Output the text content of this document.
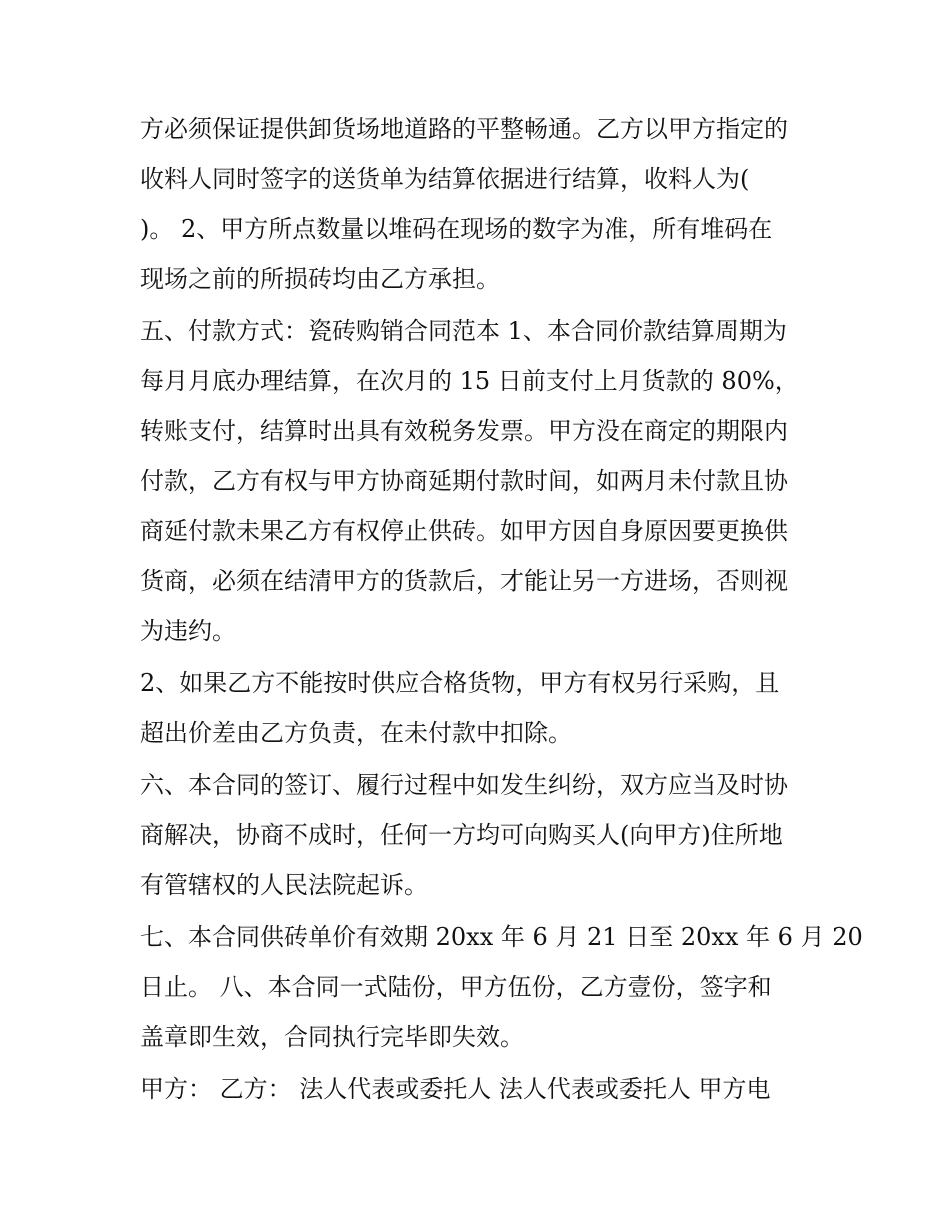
方必须保证提供卸货场地道路的平整畅通。乙方以甲方指定的
收料人同时签字的送货单为结算依据进行结算，收料人为(
)。 2、甲方所点数量以堆码在现场的数字为准，所有堆码在
现场之前的所损砖均由乙方承担。
五、付款方式：瓷砖购销合同范本 1、本合同价款结算周期为
每月月底办理结算，在次月的 15 日前支付上月货款的 80%，
转账支付，结算时出具有效税务发票。甲方没在商定的期限内
付款，乙方有权与甲方协商延期付款时间，如两月未付款且协
商延付款未果乙方有权停止供砖。如甲方因自身原因要更换供
货商，必须在结清甲方的货款后，才能让另一方进场，否则视
为违约。
2、如果乙方不能按时供应合格货物，甲方有权另行采购，且
超出价差由乙方负责，在未付款中扣除。
六、本合同的签订、履行过程中如发生纠纷，双方应当及时协
商解决，协商不成时，任何一方均可向购买人(向甲方)住所地
有管辖权的人民法院起诉。
七、本合同供砖单价有效期 20xx 年 6 月 21 日至 20xx 年 6 月 20
日止。 八、本合同一式陆份，甲方伍份，乙方壹份，签字和
盖章即生效，合同执行完毕即失效。
甲方： 乙方： 法人代表或委托人 法人代表或委托人 甲方电
